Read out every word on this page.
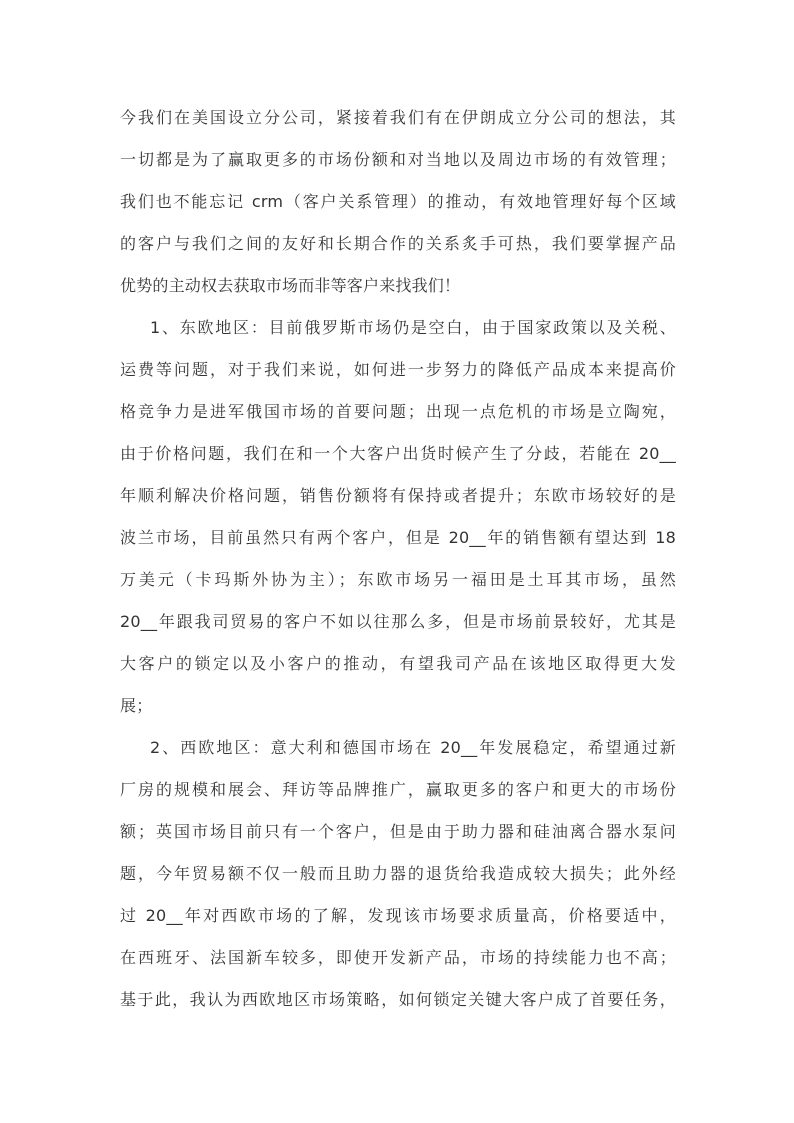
今我们在美国设立分公司，紧接着我们有在伊朗成立分公司的想法，其
一切都是为了赢取更多的市场份额和对当地以及周边市场的有效管理；
我们也不能忘记 crm（客户关系管理）的推动，有效地管理好每个区域
的客户与我们之间的友好和长期合作的关系炙手可热，我们要掌握产品
优势的主动权去获取市场而非等客户来找我们！
1、东欧地区：目前俄罗斯市场仍是空白，由于国家政策以及关税、
运费等问题，对于我们来说，如何进一步努力的降低产品成本来提高价
格竞争力是进军俄国市场的首要问题；出现一点危机的市场是立陶宛，
由于价格问题，我们在和一个大客户出货时候产生了分歧，若能在 20__
年顺利解决价格问题，销售份额将有保持或者提升；东欧市场较好的是
波兰市场，目前虽然只有两个客户，但是 20__年的销售额有望达到 18
万美元（卡玛斯外协为主）；东欧市场另一福田是土耳其市场，虽然
20__年跟我司贸易的客户不如以往那么多，但是市场前景较好，尤其是
大客户的锁定以及小客户的推动，有望我司产品在该地区取得更大发
展；
2、西欧地区：意大利和德国市场在 20__年发展稳定，希望通过新
厂房的规模和展会、拜访等品牌推广，赢取更多的客户和更大的市场份
额；英国市场目前只有一个客户，但是由于助力器和硅油离合器水泵问
题，今年贸易额不仅一般而且助力器的退货给我造成较大损失；此外经
过 20__年对西欧市场的了解，发现该市场要求质量高，价格要适中，
在西班牙、法国新车较多，即使开发新产品，市场的持续能力也不高；
基于此，我认为西欧地区市场策略，如何锁定关键大客户成了首要任务，
